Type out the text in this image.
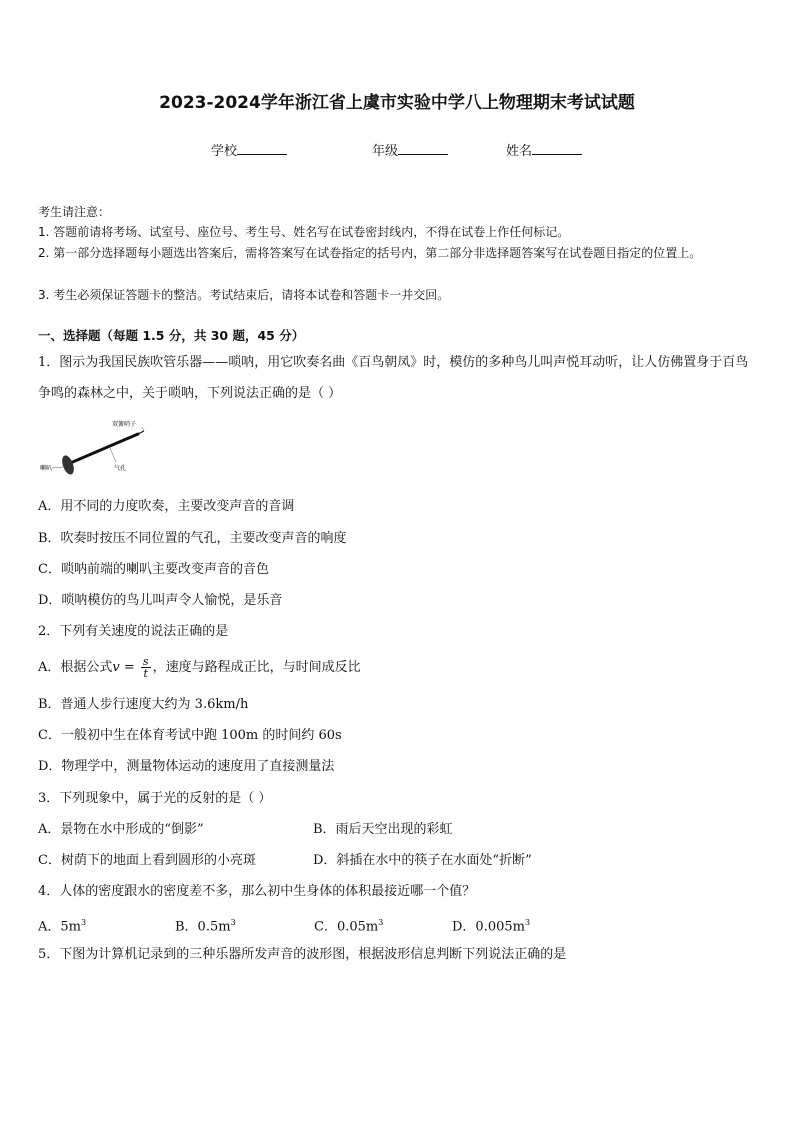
2023-2024学年浙江省上虞市实验中学八上物理期末考试试题
学校	年级	姓名
考生请注意：
1. 答题前请将考场、试室号、座位号、考生号、姓名写在试卷密封线内，不得在试卷上作任何标记。
2. 第一部分选择题每小题选出答案后，需将答案写在试卷指定的括号内，第二部分非选择题答案写在试卷题目指定的位置上。
3. 考生必须保证答题卡的整洁。考试结束后，请将本试卷和答题卡一并交回。
一、选择题（每题 1.5 分，共 30 题，45 分）
1．图示为我国民族吹管乐器——唢呐，用它吹奏名曲《百鸟朝凤》时，模仿的多种鸟儿叫声悦耳动听，让人仿佛置身于百鸟争鸣的森林之中，关于唢呐，下列说法正确的是（ ）
双簧哨子
喇叭	气孔
A．用不同的力度吹奏，主要改变声音的音调
B．吹奏时按压不同位置的气孔，主要改变声音的响度
C．唢呐前端的喇叭主要改变声音的音色
D．唢呐模仿的鸟儿叫声令人愉悦，是乐音
2．下列有关速度的说法正确的是
A．根据公式$v = \frac{s}{t}$ ，速度与路程成正比，与时间成反比
B．普通人步行速度大约为 3.6km/h
C．一般初中生在体育考试中跑 100m 的时间约 60s
D．物理学中，测量物体运动的速度用了直接测量法
3．下列现象中，属于光的反射的是（ ）
A．景物在水中形成的“倒影”	B．雨后天空出现的彩虹
C．树荫下的地面上看到圆形的小亮斑	D．斜插在水中的筷子在水面处“折断”
4．人体的密度跟水的密度差不多，那么初中生身体的体积最接近哪一个值？
A．$5m^3$	B．$0.5m^3$	C．$0.05m^3$	D．$0.005m^3$
5．下图为计算机记录到的三种乐器所发声音的波形图，根据波形信息判断下列说法正确的是
